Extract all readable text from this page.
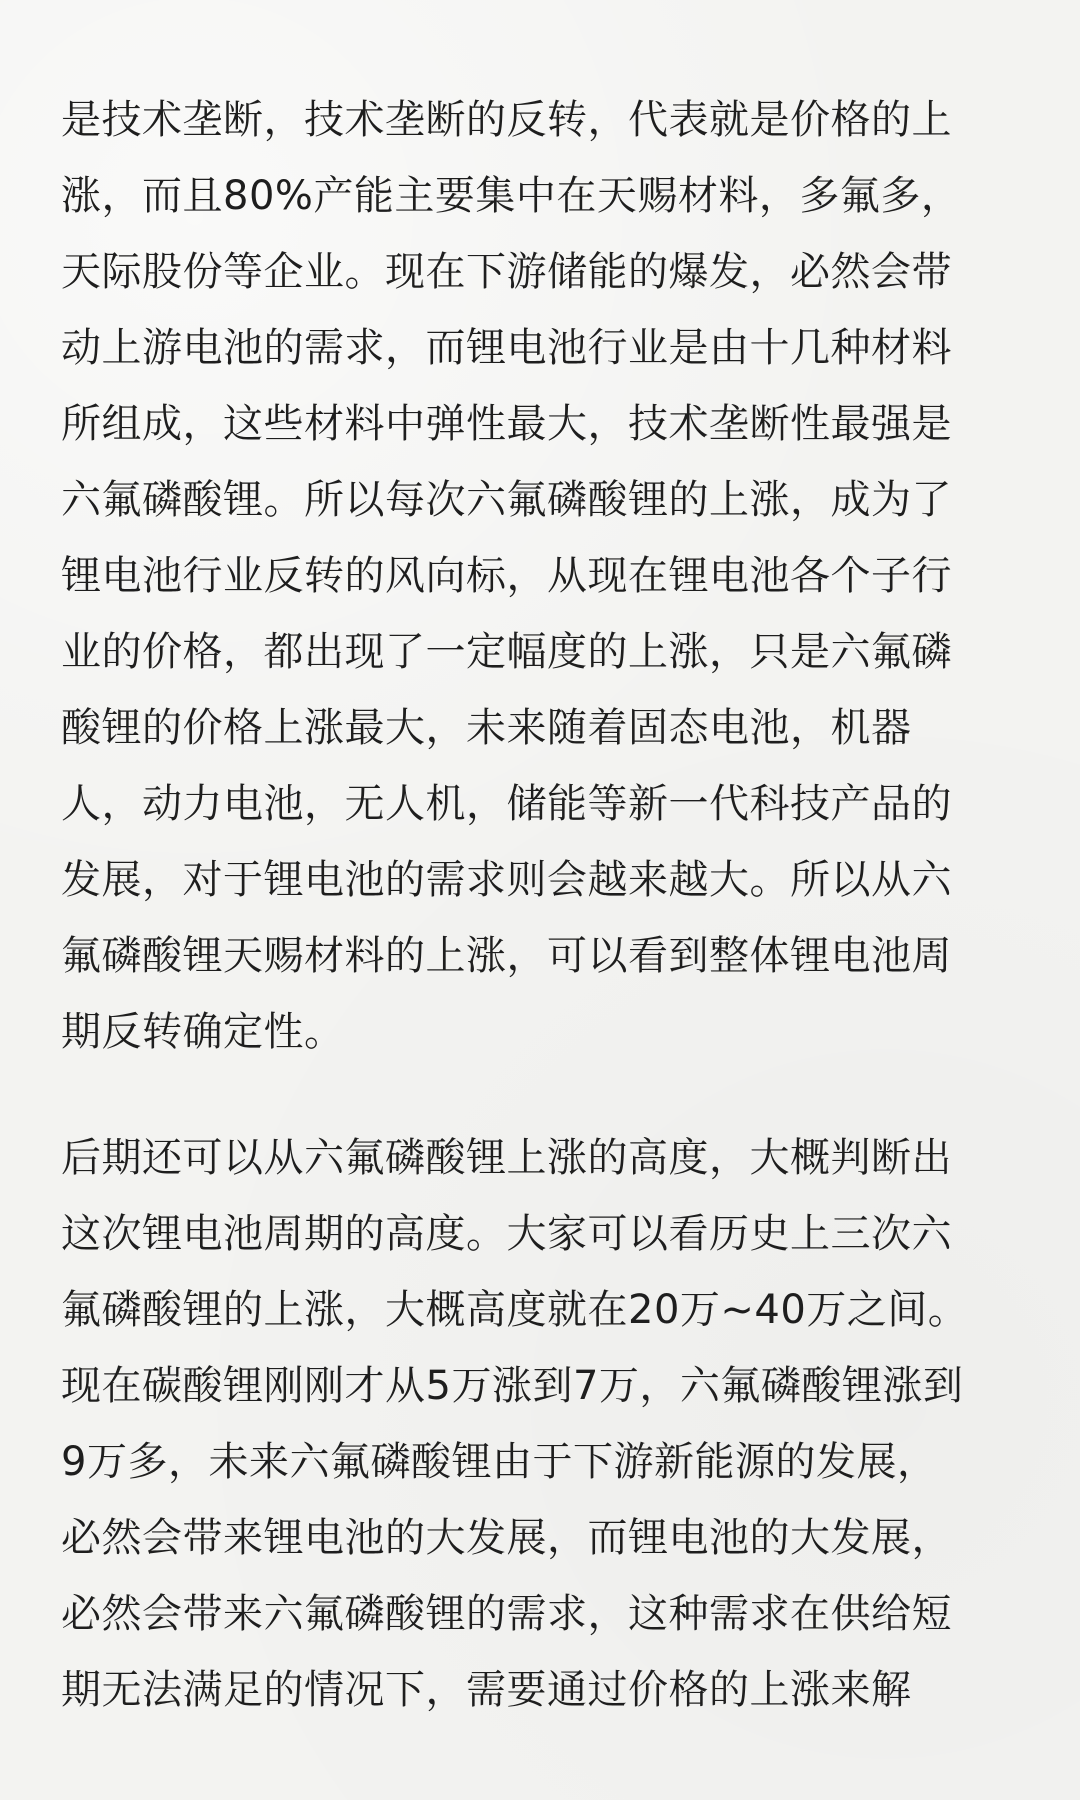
是技术垄断，技术垄断的反转，代表就是价格的上
涨，而且80%产能主要集中在天赐材料，多氟多，
天际股份等企业。现在下游储能的爆发，必然会带
动上游电池的需求，而锂电池行业是由十几种材料
所组成，这些材料中弹性最大，技术垄断性最强是
六氟磷酸锂。所以每次六氟磷酸锂的上涨，成为了
锂电池行业反转的风向标，从现在锂电池各个子行
业的价格，都出现了一定幅度的上涨，只是六氟磷
酸锂的价格上涨最大，未来随着固态电池，机器
人，动力电池，无人机，储能等新一代科技产品的
发展，对于锂电池的需求则会越来越大。所以从六
氟磷酸锂天赐材料的上涨，可以看到整体锂电池周
期反转确定性。
后期还可以从六氟磷酸锂上涨的高度，大概判断出
这次锂电池周期的高度。大家可以看历史上三次六
氟磷酸锂的上涨，大概高度就在20万~40万之间。
现在碳酸锂刚刚才从5万涨到7万，六氟磷酸锂涨到
9万多，未来六氟磷酸锂由于下游新能源的发展，
必然会带来锂电池的大发展，而锂电池的大发展，
必然会带来六氟磷酸锂的需求，这种需求在供给短
期无法满足的情况下，需要通过价格的上涨来解
